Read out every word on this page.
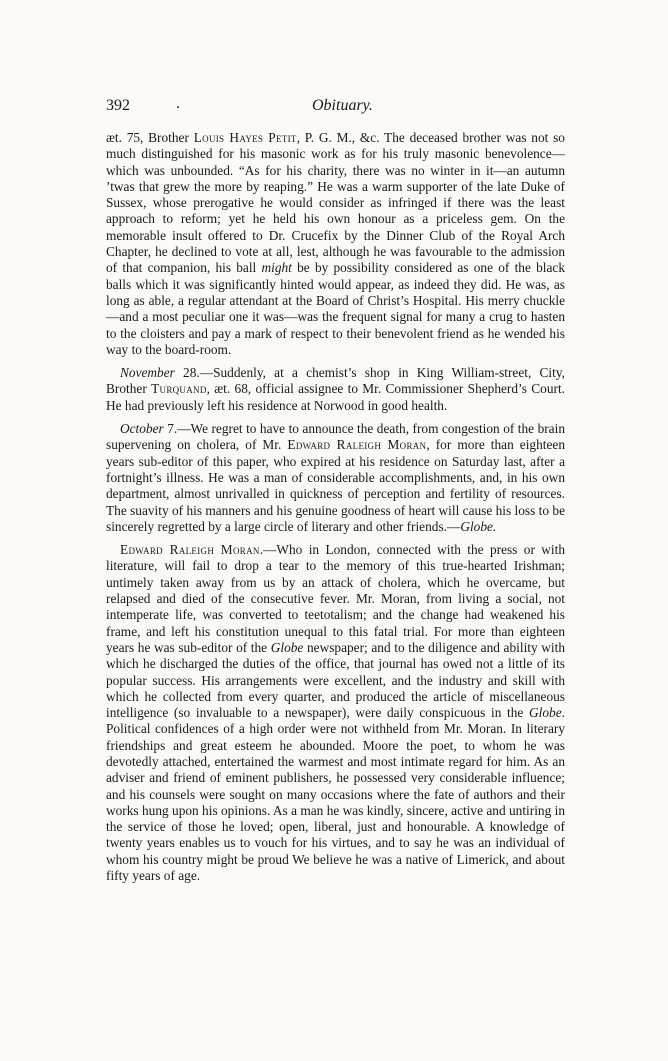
392	.	Obituary.

æt. 75, Brother Louis Hayes Petit, P. G. M., &c. The deceased brother was not so much distinguished for his masonic work as for his truly masonic benevolence—which was unbounded. “As for his charity, there was no winter in it—an autumn ’twas that grew the more by reaping.” He was a warm supporter of the late Duke of Sussex, whose prerogative he would consider as infringed if there was the least approach to reform; yet he held his own honour as a priceless gem. On the memorable insult offered to Dr. Crucefix by the Dinner Club of the Royal Arch Chapter, he declined to vote at all, lest, although he was favourable to the admission of that companion, his ball might be by possibility considered as one of the black balls which it was significantly hinted would appear, as indeed they did. He was, as long as able, a regular attendant at the Board of Christ’s Hospital. His merry chuckle—and a most peculiar one it was—was the frequent signal for many a crug to hasten to the cloisters and pay a mark of respect to their benevolent friend as he wended his way to the board-room.

November 28.—Suddenly, at a chemist’s shop in King William-street, City, Brother Turquand, æt. 68, official assignee to Mr. Commissioner Shepherd’s Court. He had previously left his residence at Norwood in good health.

October 7.—We regret to have to announce the death, from congestion of the brain supervening on cholera, of Mr. Edward Raleigh Moran, for more than eighteen years sub-editor of this paper, who expired at his residence on Saturday last, after a fortnight’s illness. He was a man of considerable accomplishments, and, in his own department, almost unrivalled in quickness of perception and fertility of resources. The suavity of his manners and his genuine goodness of heart will cause his loss to be sincerely regretted by a large circle of literary and other friends.—Globe.

Edward Raleigh Moran.—Who in London, connected with the press or with literature, will fail to drop a tear to the memory of this true-hearted Irishman; untimely taken away from us by an attack of cholera, which he overcame, but relapsed and died of the consecutive fever. Mr. Moran, from living a social, not intemperate life, was converted to teetotalism; and the change had weakened his frame, and left his constitution unequal to this fatal trial. For more than eighteen years he was sub-editor of the Globe newspaper; and to the diligence and ability with which he discharged the duties of the office, that journal has owed not a little of its popular success. His arrangements were excellent, and the industry and skill with which he collected from every quarter, and produced the article of miscellaneous intelligence (so invaluable to a newspaper), were daily conspicuous in the Globe. Political confidences of a high order were not withheld from Mr. Moran. In literary friendships and great esteem he abounded. Moore the poet, to whom he was devotedly attached, entertained the warmest and most intimate regard for him. As an adviser and friend of eminent publishers, he possessed very considerable influence; and his counsels were sought on many occasions where the fate of authors and their works hung upon his opinions. As a man he was kindly, sincere, active and untiring in the service of those he loved; open, liberal, just and honourable. A knowledge of twenty years enables us to vouch for his virtues, and to say he was an individual of whom his country might be proud We believe he was a native of Limerick, and about fifty years of age.
